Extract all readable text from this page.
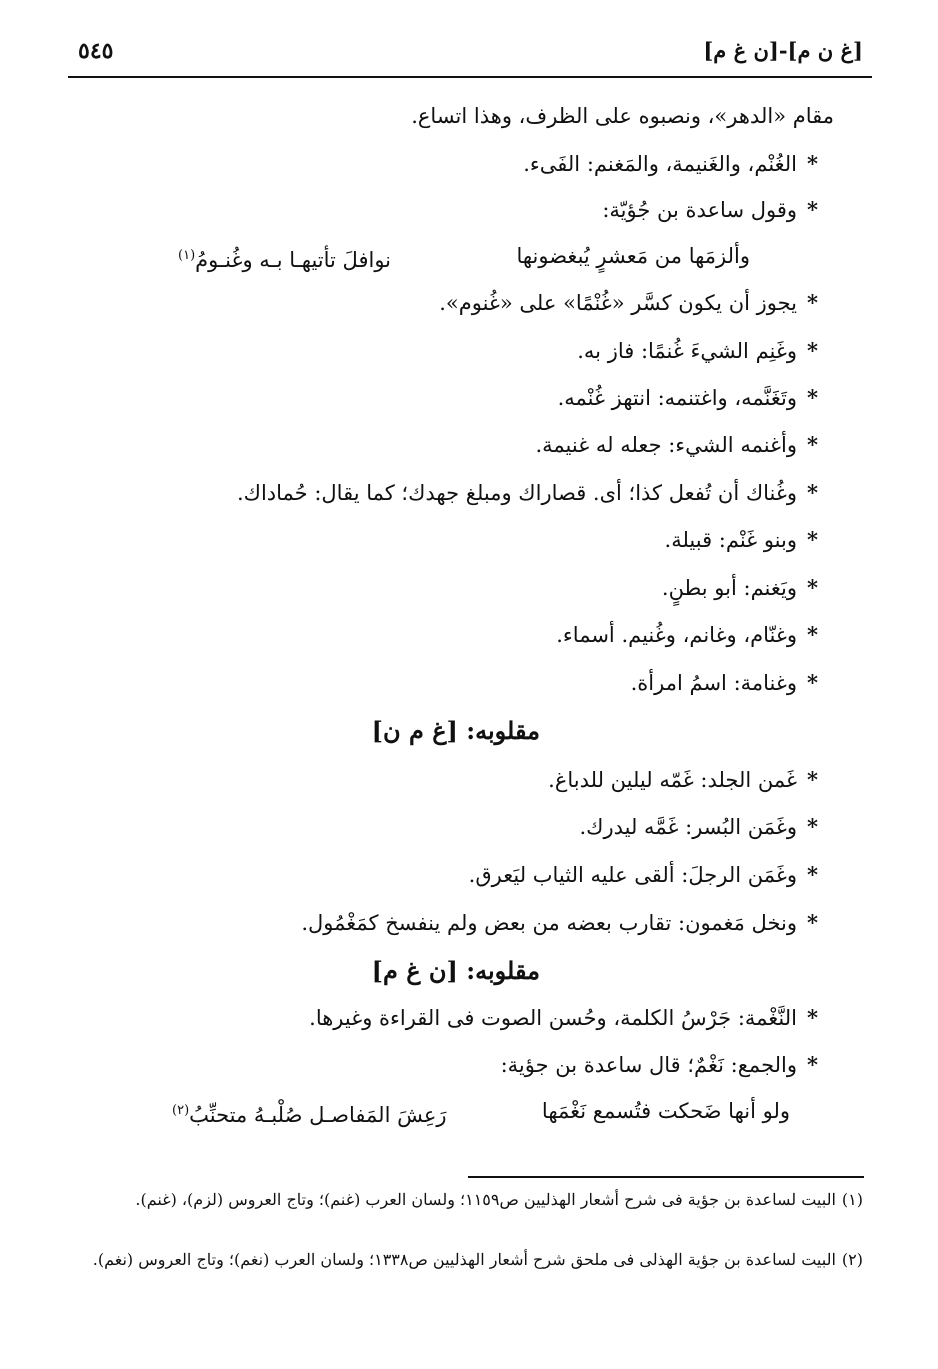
[غ ن م]-[ن غ م]
٥٤٥
مقام «الدهر»، ونصبوه على الظرف، وهذا اتساع.
*الغُنْم، والغَنيمة، والمَغنم: الفَىء.
*وقول ساعدة بن جُؤيّة:
وألزمَها من مَعشرٍ يُبغضونها
نوافلَ تأتيهـا بـه وغُنـومُ$^{(١)}$
*يجوز أن يكون كسَّر «غُنْمًا» على «غُنوم».
*وغَنِم الشيءَ غُنمًا: فاز به.
*وتَغَنَّمه، واغتنمه: انتهز غُنْمه.
*وأغنمه الشيء: جعله له غنيمة.
*وغُناك أن تُفعل كذا؛ أى. قصاراك ومبلغ جهدك؛ كما يقال: حُماداك.
*وبنو غَنْم: قبيلة.
*ويَغنم: أبو بطنٍ.
*وغنّام، وغانم، وغُنيم. أسماء.
*وغنامة: اسمُ امرأة.
مقلوبه: [غ م ن]
*غَمن الجلد: غَمّه ليلين للدباغ.
*وغَمَن البُسر: غَمَّه ليدرك.
*وغَمَن الرجلَ: ألقى عليه الثياب ليَعرق.
*ونخل مَغمون: تقارب بعضه من بعض ولم ينفسخ كمَغْمُول.
مقلوبه: [ن غ م]
*النَّغْمة: جَرْسُ الكلمة، وحُسن الصوت فى القراءة وغيرها.
*والجمع: نَغْمٌ؛ قال ساعدة بن جؤية:
ولو أنها ضَحكت فتُسمع نَغْمَها
رَعِشَ المَفاصـل صُلْبـهُ متحنِّبُ$^{(٢)}$
(١)البيت لساعدة بن جؤية فى شرح أشعار الهذليين ص١١٥٩؛ ولسان العرب (غنم)؛ وتاج العروس (لزم)، (غنم).
(٢)البيت لساعدة بن جؤية الهذلى فى ملحق شرح أشعار الهذليين ص١٣٣٨؛ ولسان العرب (نغم)؛ وتاج العروس (نغم).
